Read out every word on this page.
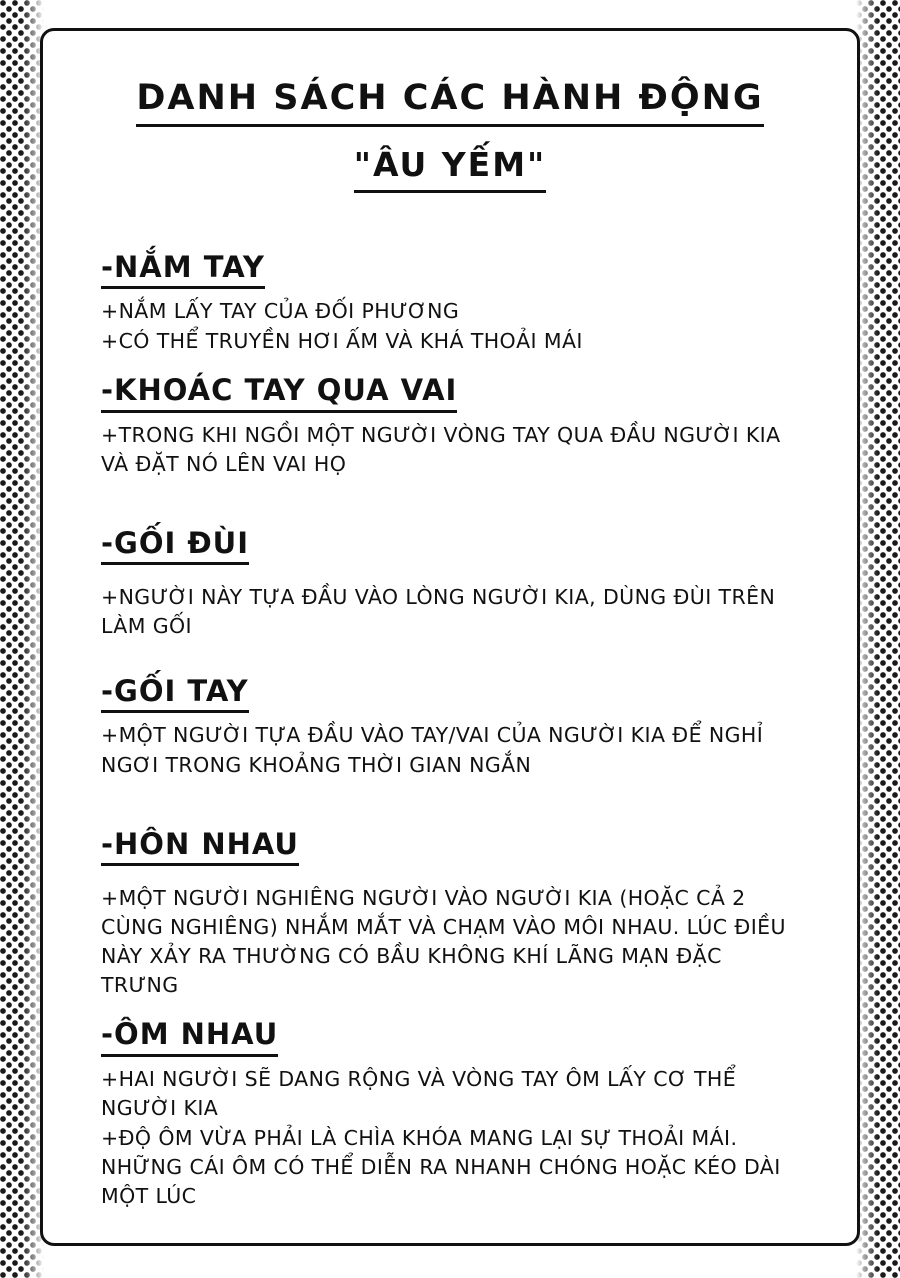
DANH SÁCH CÁC HÀNH ĐỘNG
"ÂU YẾM"
-NẮM TAY
+NẮM LẤY TAY CỦA ĐỐI PHƯƠNG
+CÓ THỂ TRUYỀN HƠI ẤM VÀ KHÁ THOẢI MÁI
-KHOÁC TAY QUA VAI
+TRONG KHI NGỒI MỘT NGƯỜI VÒNG TAY QUA ĐẦU NGƯỜI KIA VÀ ĐẶT NÓ LÊN VAI HỌ
-GỐI ĐÙI
+NGƯỜI NÀY TỰA ĐẦU VÀO LÒNG NGƯỜI KIA, DÙNG ĐÙI TRÊN LÀM GỐI
-GỐI TAY
+MỘT NGƯỜI TỰA ĐẦU VÀO TAY/VAI CỦA NGƯỜI KIA ĐỂ NGHỈ NGƠI TRONG KHOẢNG THỜI GIAN NGẮN
-HÔN NHAU
+MỘT NGƯỜI NGHIÊNG NGƯỜI VÀO NGƯỜI KIA (HOẶC CẢ 2 CÙNG NGHIÊNG) NHẮM MẮT VÀ CHẠM VÀO MÔI NHAU. LÚC ĐIỀU NÀY XẢY RA THƯỜNG CÓ BẦU KHÔNG KHÍ LÃNG MẠN ĐẶC TRƯNG
-ÔM NHAU
+HAI NGƯỜI SẼ DANG RỘNG VÀ VÒNG TAY ÔM LẤY CƠ THỂ NGƯỜI KIA
+ĐỘ ÔM VỪA PHẢI LÀ CHÌA KHÓA MANG LẠI SỰ THOẢI MÁI. NHỮNG CÁI ÔM CÓ THỂ DIỄN RA NHANH CHÓNG HOẶC KÉO DÀI MỘT LÚC
